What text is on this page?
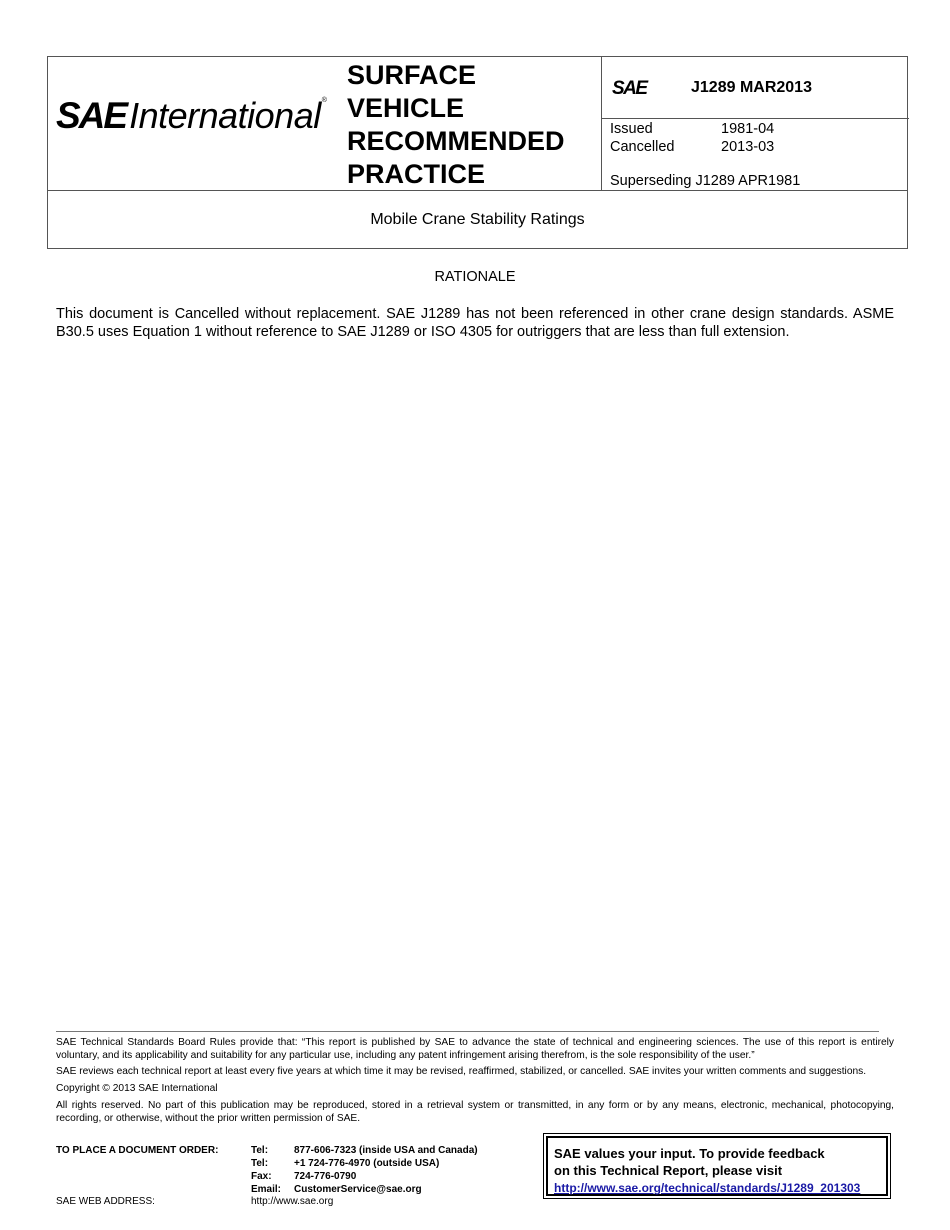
SAE International ®
SURFACE
VEHICLE
RECOMMENDED
PRACTICE
SAE	J1289 MAR2013
Issued	1981-04
Cancelled	2013-03
Superseding J1289 APR1981
Mobile Crane Stability Ratings
RATIONALE
This document is Cancelled without replacement. SAE J1289 has not been referenced in other crane design standards. ASME B30.5 uses Equation 1 without reference to SAE J1289 or ISO 4305 for outriggers that are less than full extension.

SAE Technical Standards Board Rules provide that: “This report is published by SAE to advance the state of technical and engineering sciences. The use of this report is entirely voluntary, and its applicability and suitability for any particular use, including any patent infringement arising therefrom, is the sole responsibility of the user.”

SAE reviews each technical report at least every five years at which time it may be revised, reaffirmed, stabilized, or cancelled. SAE invites your written comments and suggestions.

Copyright © 2013 SAE International

All rights reserved. No part of this publication may be reproduced, stored in a retrieval system or transmitted, in any form or by any means, electronic, mechanical, photocopying, recording, or otherwise, without the prior written permission of SAE.

TO PLACE A DOCUMENT ORDER:	Tel:	877-606-7323 (inside USA and Canada)
Tel:	+1 724-776-4970 (outside USA)
Fax: 724-776-0790
Email: CustomerService@sae.org
SAE WEB ADDRESS:	http://www.sae.org
SAE values your input. To provide feedback
on this Technical Report, please visit
http://www.sae.org/technical/standards/J1289_201303
